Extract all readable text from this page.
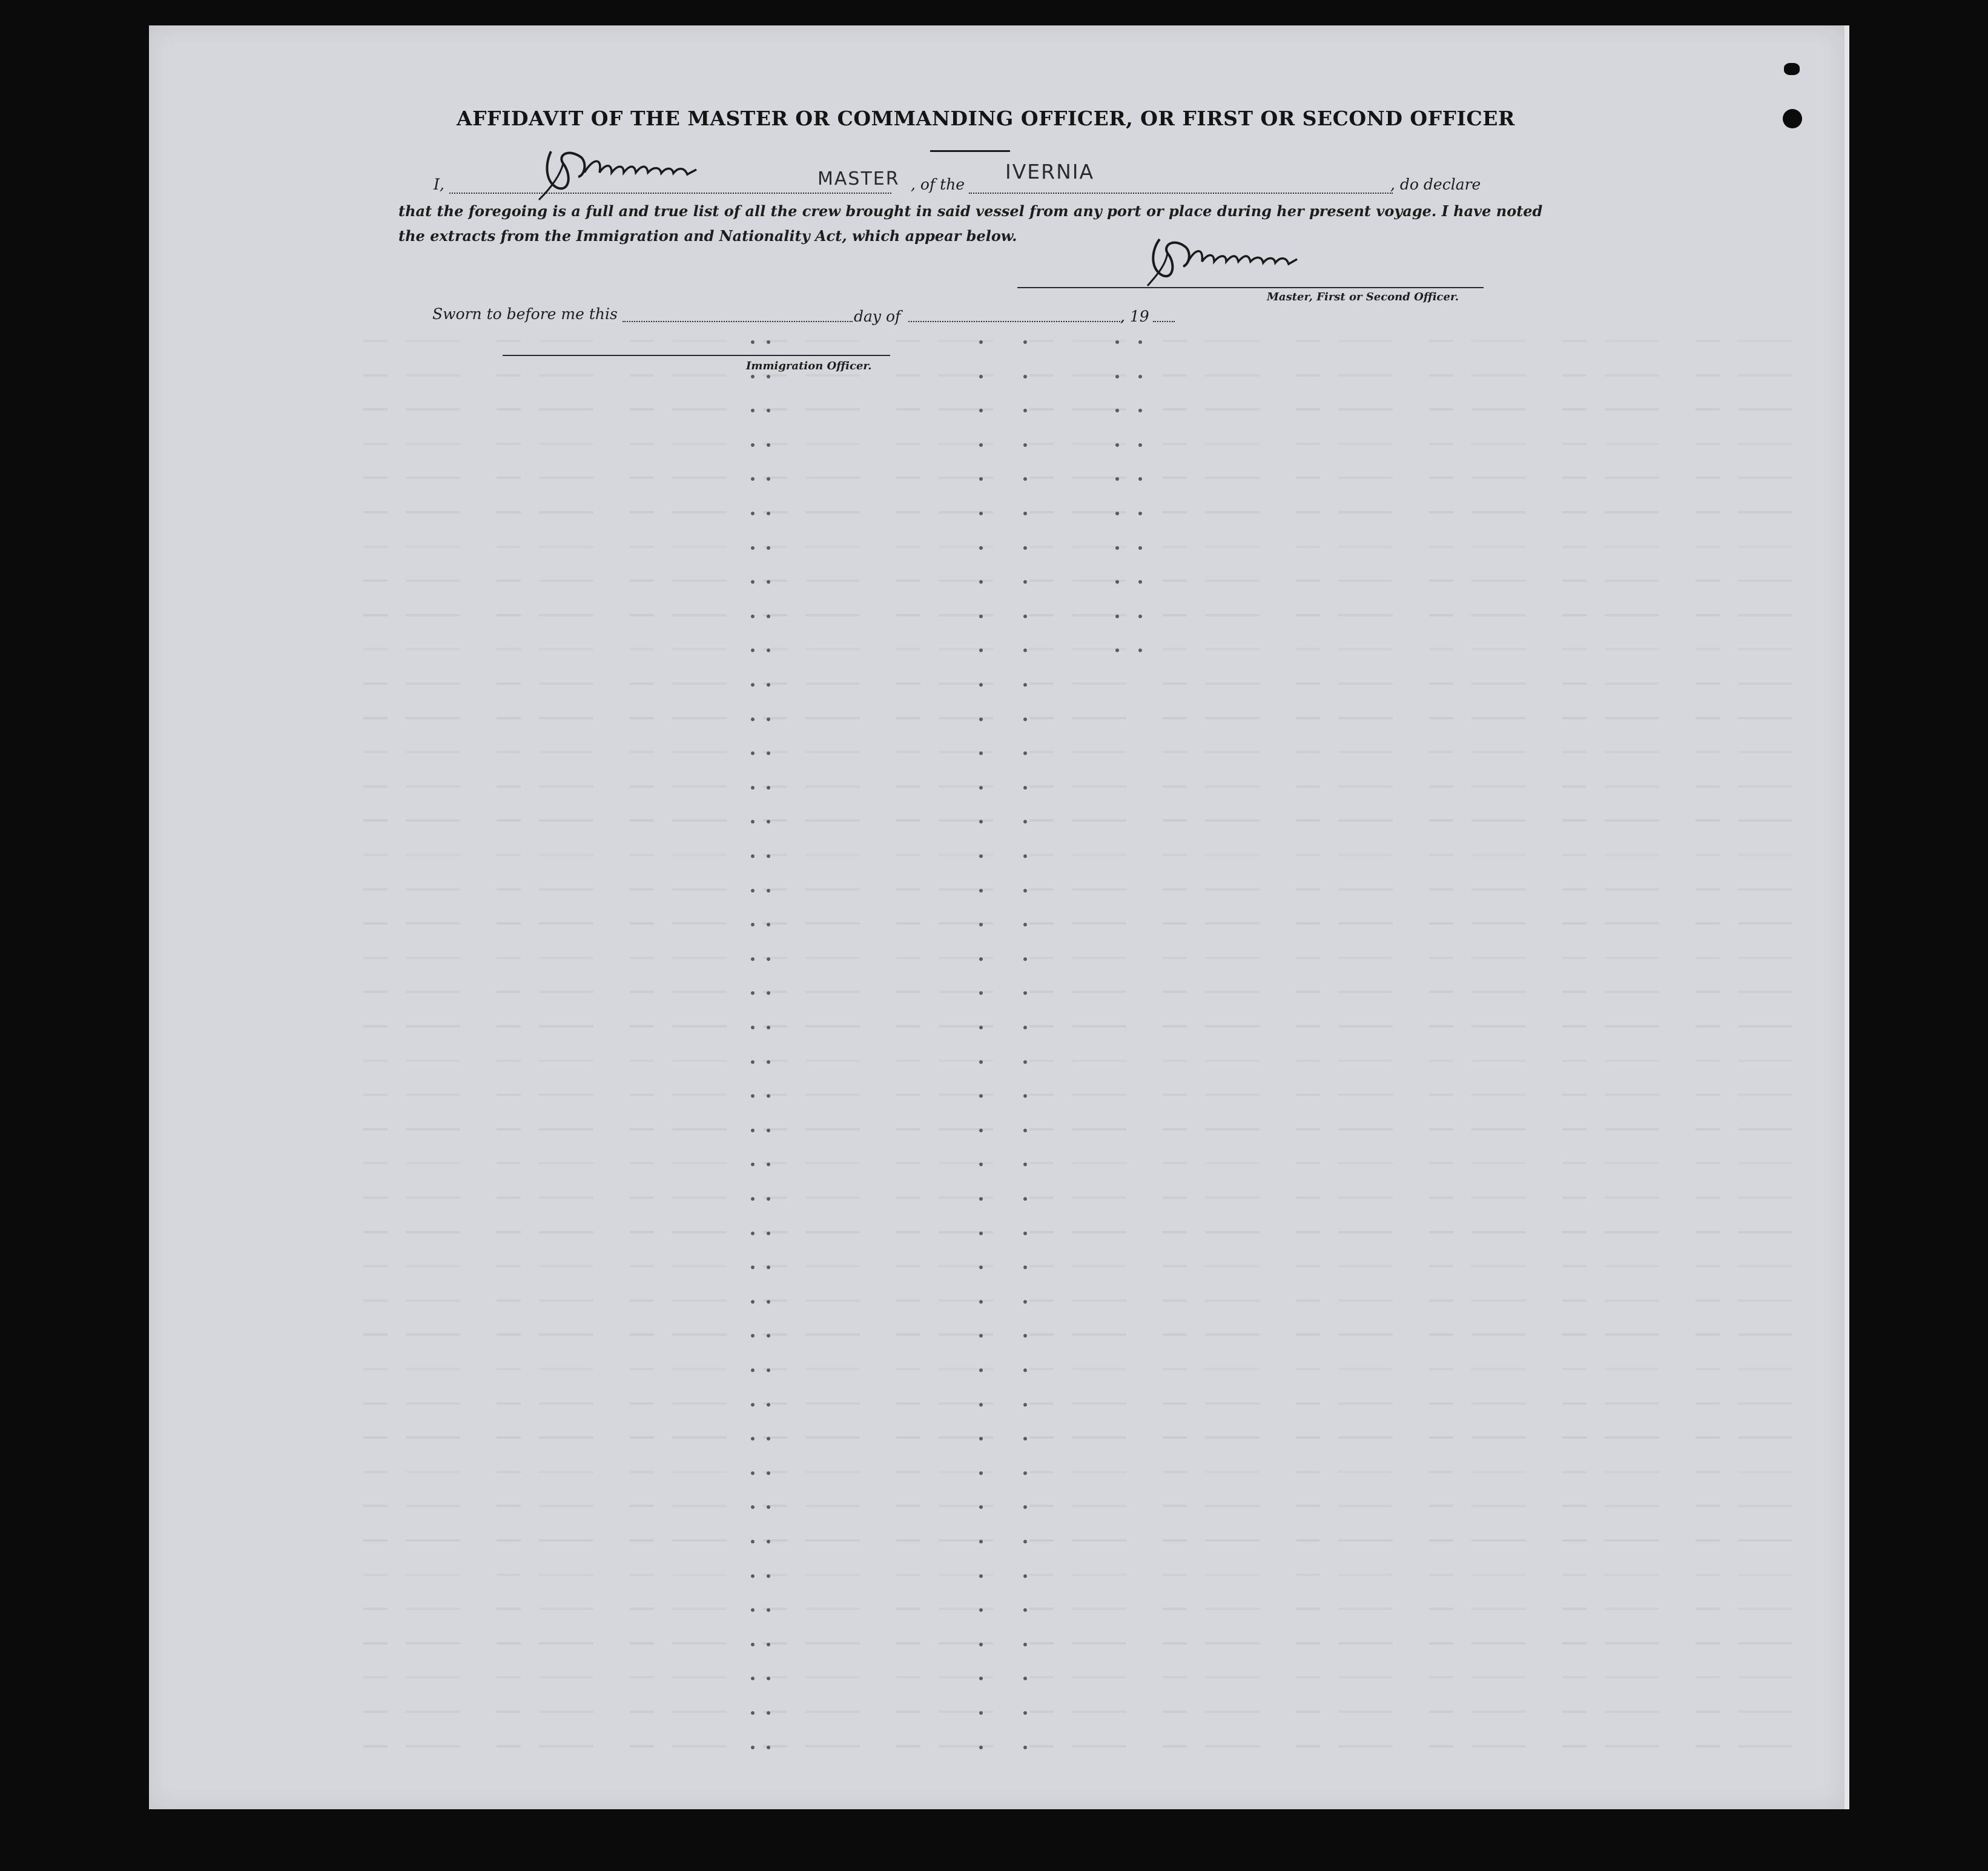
AFFIDAVIT OF THE MASTER OR COMMANDING OFFICER, OR FIRST OR SECOND OFFICER
I,	MASTER , of the
IVERNIA
, do declare
that the foregoing is a full and true list of all the crew brought in said vessel from any port or place during her present voyage. I have noted
the extracts from the Immigration and Nationality Act, which appear below.
Master, First or Second Officer.
Sworn to before me this	day of	, 19
Immigration Officer.
